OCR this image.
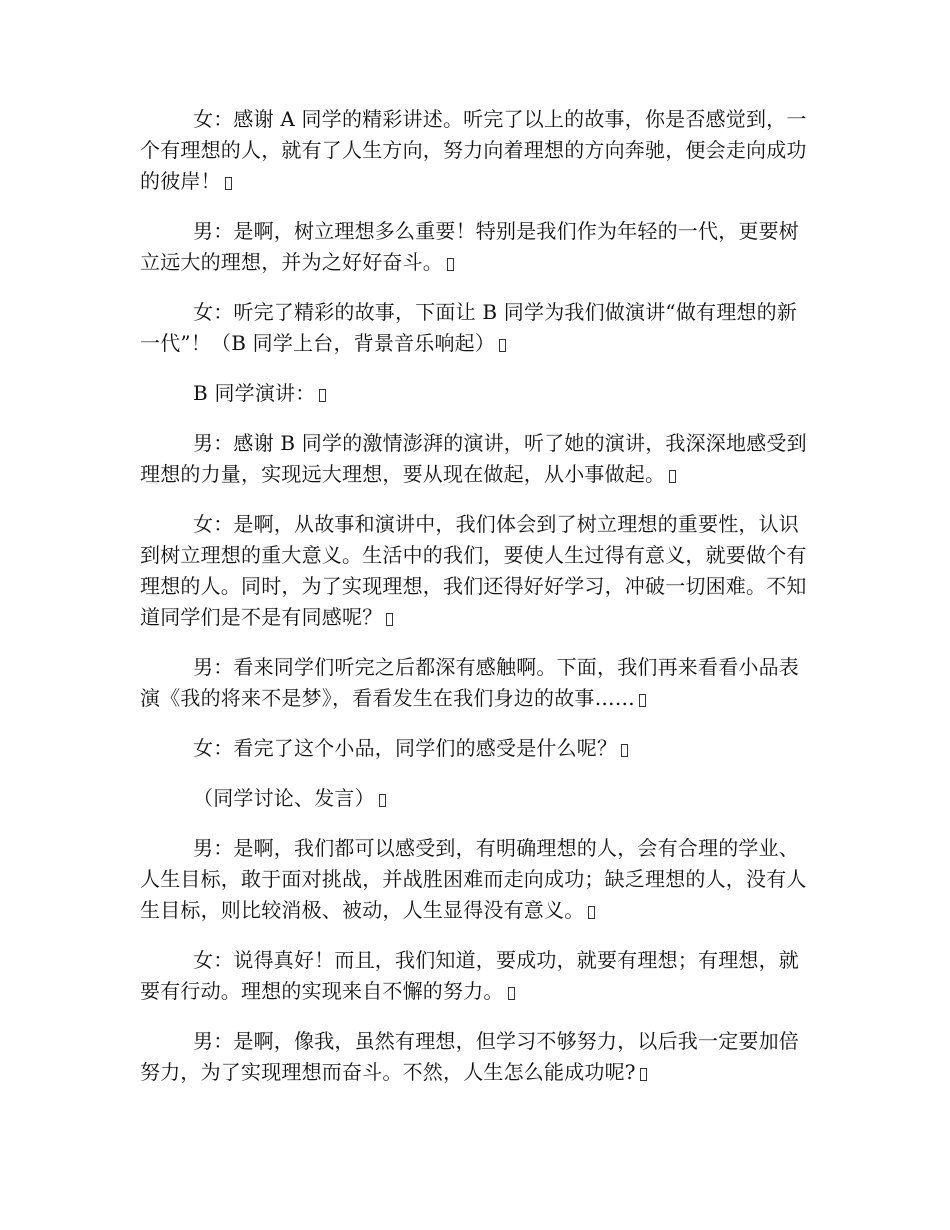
女：感谢 A 同学的精彩讲述。听完了以上的故事，你是否感觉到，一个有理想的人，就有了人生方向，努力向着理想的方向奔驰，便会走向成功的彼岸！

男：是啊，树立理想多么重要！特别是我们作为年轻的一代，更要树立远大的理想，并为之好好奋斗。

女：听完了精彩的故事，下面让 B 同学为我们做演讲“做有理想的新一代”！（B 同学上台，背景音乐响起）

B 同学演讲：

男：感谢 B 同学的激情澎湃的演讲，听了她的演讲，我深深地感受到理想的力量，实现远大理想，要从现在做起，从小事做起。

女：是啊，从故事和演讲中，我们体会到了树立理想的重要性，认识到树立理想的重大意义。生活中的我们，要使人生过得有意义，就要做个有理想的人。同时，为了实现理想，我们还得好好学习，冲破一切困难。不知道同学们是不是有同感呢？

男：看来同学们听完之后都深有感触啊。下面，我们再来看看小品表演《我的将来不是梦》，看看发生在我们身边的故事……

女：看完了这个小品，同学们的感受是什么呢？

（同学讨论、发言）

男：是啊，我们都可以感受到，有明确理想的人，会有合理的学业、人生目标，敢于面对挑战，并战胜困难而走向成功；缺乏理想的人，没有人生目标，则比较消极、被动，人生显得没有意义。

女：说得真好！而且，我们知道，要成功，就要有理想；有理想，就要有行动。理想的实现来自不懈的努力。

男：是啊，像我，虽然有理想，但学习不够努力，以后我一定要加倍努力，为了实现理想而奋斗。不然，人生怎么能成功呢?
